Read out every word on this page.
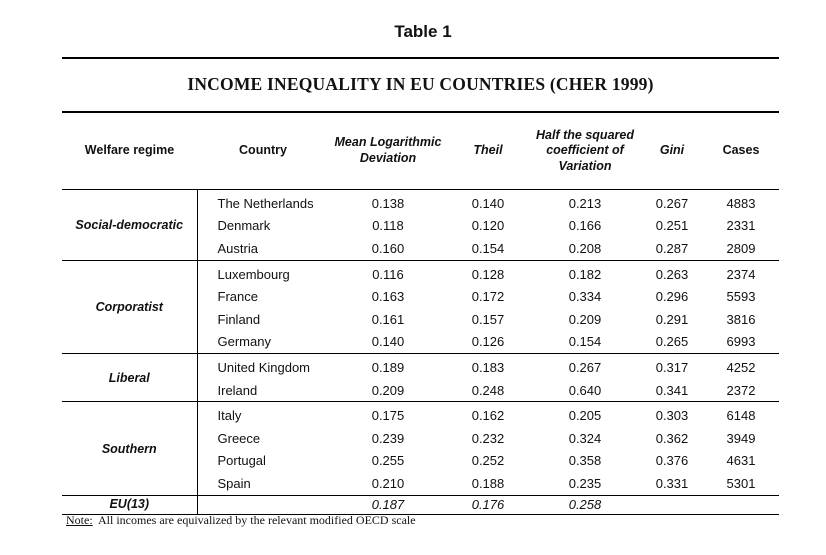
Table 1
INCOME INEQUALITY IN EU COUNTRIES (CHER 1999)
Welfare regime	Country	Mean Logarithmic Deviation	Theil	Half the squared coefficient of Variation	Gini	Cases
Social-democratic	The Netherlands	0.138	0.140	0.213	0.267	4883
	Denmark	0.118	0.120	0.166	0.251	2331
	Austria	0.160	0.154	0.208	0.287	2809
Corporatist	Luxembourg	0.116	0.128	0.182	0.263	2374
	France	0.163	0.172	0.334	0.296	5593
	Finland	0.161	0.157	0.209	0.291	3816
	Germany	0.140	0.126	0.154	0.265	6993
Liberal	United Kingdom	0.189	0.183	0.267	0.317	4252
	Ireland	0.209	0.248	0.640	0.341	2372
Southern	Italy	0.175	0.162	0.205	0.303	6148
	Greece	0.239	0.232	0.324	0.362	3949
	Portugal	0.255	0.252	0.358	0.376	4631
	Spain	0.210	0.188	0.235	0.331	5301
EU(13)		0.187	0.176	0.258		
Note: All incomes are equivalized by the relevant modified OECD scale
